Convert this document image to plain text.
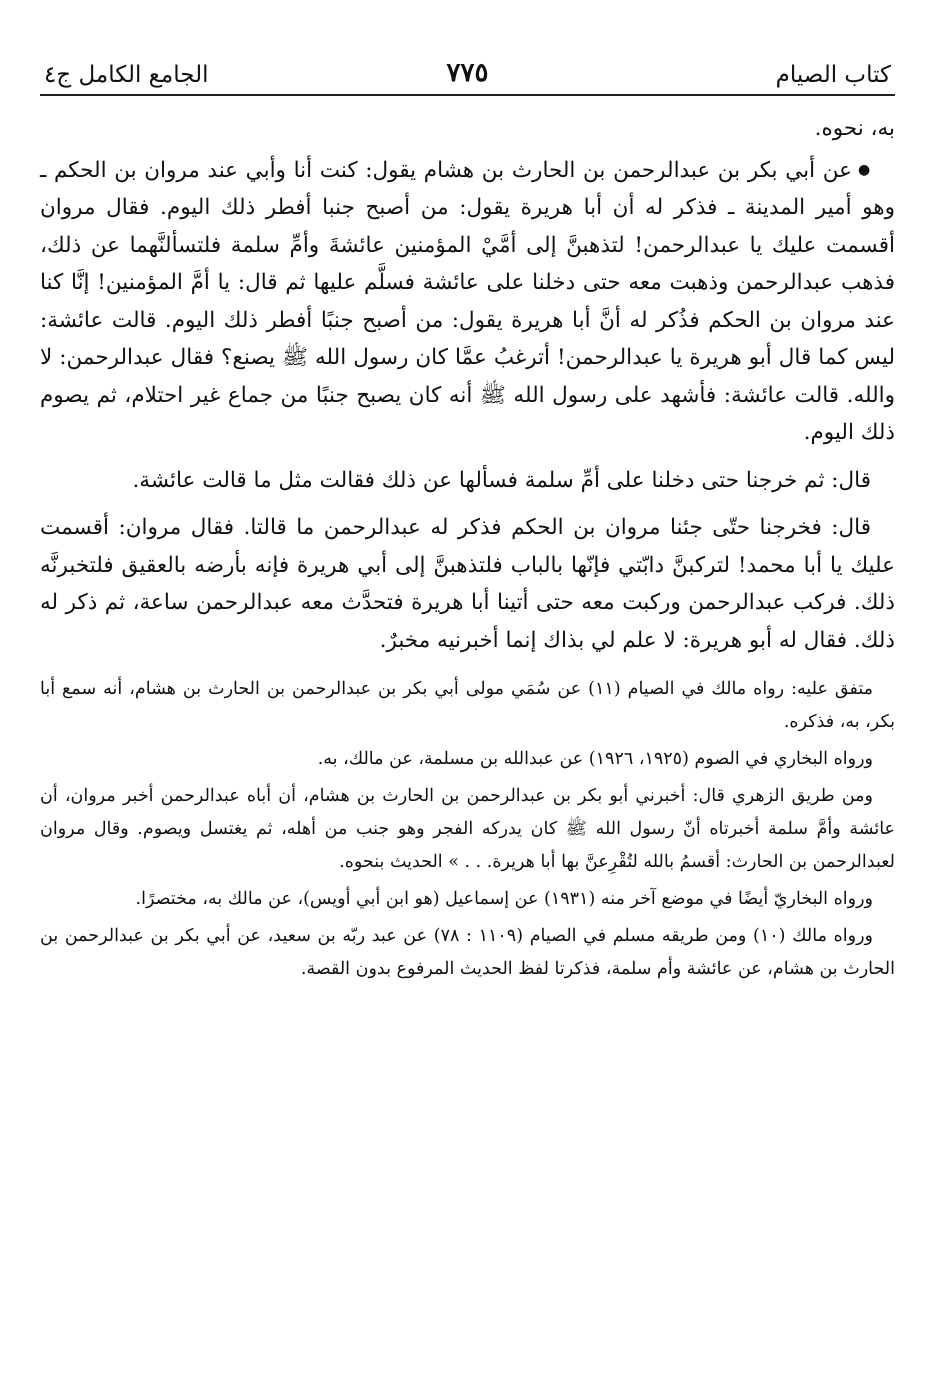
كتاب الصيام
٧٧٥
الجامع الكامل ج٤

به، نحوه.

●عن أبي بكر بن عبدالرحمن بن الحارث بن هشام يقول: كنت أنا وأبي عند مروان بن الحكم ـ وهو أمير المدينة ـ فذكر له أن أبا هريرة يقول: من أصبح جنبا أفطر ذلك اليوم. فقال مروان أقسمت عليك يا عبدالرحمن! لتذهبنَّ إلى أمَّيْ المؤمنين عائشةَ وأمِّ سلمة فلتسألنَّهما عن ذلك، فذهب عبدالرحمن وذهبت معه حتى دخلنا على عائشة فسلَّم عليها ثم قال: يا أمَّ المؤمنين! إنَّا كنا عند مروان بن الحكم فذُكر له أنَّ أبا هريرة يقول: من أصبح جنبًا أفطر ذلك اليوم. قالت عائشة: ليس كما قال أبو هريرة يا عبدالرحمن! أترغبُ عمَّا كان رسول الله ﷺ يصنع؟ فقال عبدالرحمن: لا والله. قالت عائشة: فأشهد على رسول الله ﷺ أنه كان يصبح جنبًا من جماع غير احتلام، ثم يصوم ذلك اليوم.

قال: ثم خرجنا حتى دخلنا على أمِّ سلمة فسألها عن ذلك فقالت مثل ما قالت عائشة.

قال: فخرجنا حتّى جئنا مروان بن الحكم فذكر له عبدالرحمن ما قالتا. فقال مروان: أقسمت عليك يا أبا محمد! لتركبنَّ دابّتي فإنّها بالباب فلتذهبنَّ إلى أبي هريرة فإنه بأرضه بالعقيق فلتخبرنَّه ذلك. فركب عبدالرحمن وركبت معه حتى أتينا أبا هريرة فتحدَّث معه عبدالرحمن ساعة، ثم ذكر له ذلك. فقال له أبو هريرة: لا علم لي بذاك إنما أخبرنيه مخبرٌ.

متفق عليه: رواه مالك في الصيام (١١) عن سُمَي مولى أبي بكر بن عبدالرحمن بن الحارث بن هشام، أنه سمع أبا بكر، به، فذكره.

ورواه البخاري في الصوم (١٩٢٥، ١٩٢٦) عن عبدالله بن مسلمة، عن مالك، به.

ومن طريق الزهري قال: أخبرني أبو بكر بن عبدالرحمن بن الحارث بن هشام، أن أباه عبدالرحمن أخبر مروان، أن عائشة وأمَّ سلمة أخبرتاه أنّ رسول الله ﷺ كان يدركه الفجر وهو جنب من أهله، ثم يغتسل ويصوم. وقال مروان لعبدالرحمن بن الحارث: أقسمُ بالله لتُقْرِعنَّ بها أبا هريرة. . . » الحديث بنحوه.

ورواه البخاريّ أيضًا في موضع آخر منه (١٩٣١) عن إسماعيل (هو ابن أبي أويس)، عن مالك به، مختصرًا.

ورواه مالك (١٠) ومن طريقه مسلم في الصيام (١١٠٩ : ٧٨) عن عبد ربّه بن سعيد، عن أبي بكر بن عبدالرحمن بن الحارث بن هشام، عن عائشة وأم سلمة، فذكرتا لفظ الحديث المرفوع بدون القصة.
